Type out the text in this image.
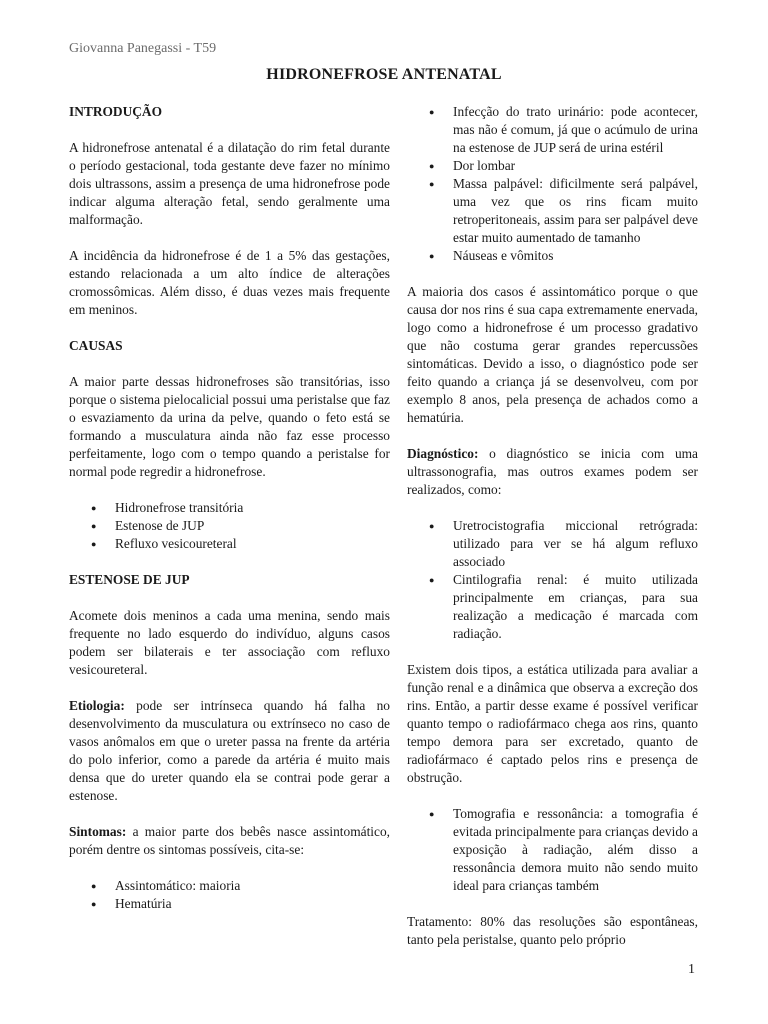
Giovanna Panegassi - T59
HIDRONEFROSE ANTENATAL
INTRODUÇÃO

A hidronefrose antenatal é a dilatação do rim fetal durante o período gestacional, toda gestante deve fazer no mínimo dois ultrassons, assim a presença de uma hidronefrose pode indicar alguma alteração fetal, sendo geralmente uma malformação.

A incidência da hidronefrose é de 1 a 5% das gestações, estando relacionada a um alto índice de alterações cromossômicas. Além disso, é duas vezes mais frequente em meninos.

CAUSAS

A maior parte dessas hidronefroses são transitórias, isso porque o sistema pielocalicial possui uma peristalse que faz o esvaziamento da urina da pelve, quando o feto está se formando a musculatura ainda não faz esse processo perfeitamente, logo com o tempo quando a peristalse for normal pode regredir a hidronefrose.

● Hidronefrose transitória
● Estenose de JUP
● Refluxo vesicoureteral
ESTENOSE DE JUP

Acomete dois meninos a cada uma menina, sendo mais frequente no lado esquerdo do indivíduo, alguns casos podem ser bilaterais e ter associação com refluxo vesicoureteral.

Etiologia: pode ser intrínseca quando há falha no desenvolvimento da musculatura ou extrínseco no caso de vasos anômalos em que o ureter passa na frente da artéria do polo inferior, como a parede da artéria é muito mais densa que do ureter quando ela se contrai pode gerar a estenose.

Sintomas: a maior parte dos bebês nasce assintomático, porém dentre os sintomas possíveis, cita-se:

● Assintomático: maioria
● Hematúria
● Infecção do trato urinário: pode acontecer, mas não é comum, já que o acúmulo de urina na estenose de JUP será de urina estéril
● Dor lombar
● Massa palpável: dificilmente será palpável, uma vez que os rins ficam muito retroperitoneais, assim para ser palpável deve estar muito aumentado de tamanho
● Náuseas e vômitos

A maioria dos casos é assintomático porque o que causa dor nos rins é sua capa extremamente enervada, logo como a hidronefrose é um processo gradativo que não costuma gerar grandes repercussões sintomáticas. Devido a isso, o diagnóstico pode ser feito quando a criança já se desenvolveu, com por exemplo 8 anos, pela presença de achados como a hematúria.

Diagnóstico: o diagnóstico se inicia com uma ultrassonografia, mas outros exames podem ser realizados, como:

● Uretrocistografia miccional retrógrada: utilizado para ver se há algum refluxo associado
● Cintilografia renal: é muito utilizada principalmente em crianças, para sua realização a medicação é marcada com radiação.

Existem dois tipos, a estática utilizada para avaliar a função renal e a dinâmica que observa a excreção dos rins. Então, a partir desse exame é possível verificar quanto tempo o radiofármaco chega aos rins, quanto tempo demora para ser excretado, quanto de radiofármaco é captado pelos rins e presença de obstrução.

● Tomografia e ressonância: a tomografia é evitada principalmente para crianças devido a exposição à radiação, além disso a ressonância demora muito não sendo muito ideal para crianças também

Tratamento: 80% das resoluções são espontâneas, tanto pela peristalse, quanto pelo próprio

1
